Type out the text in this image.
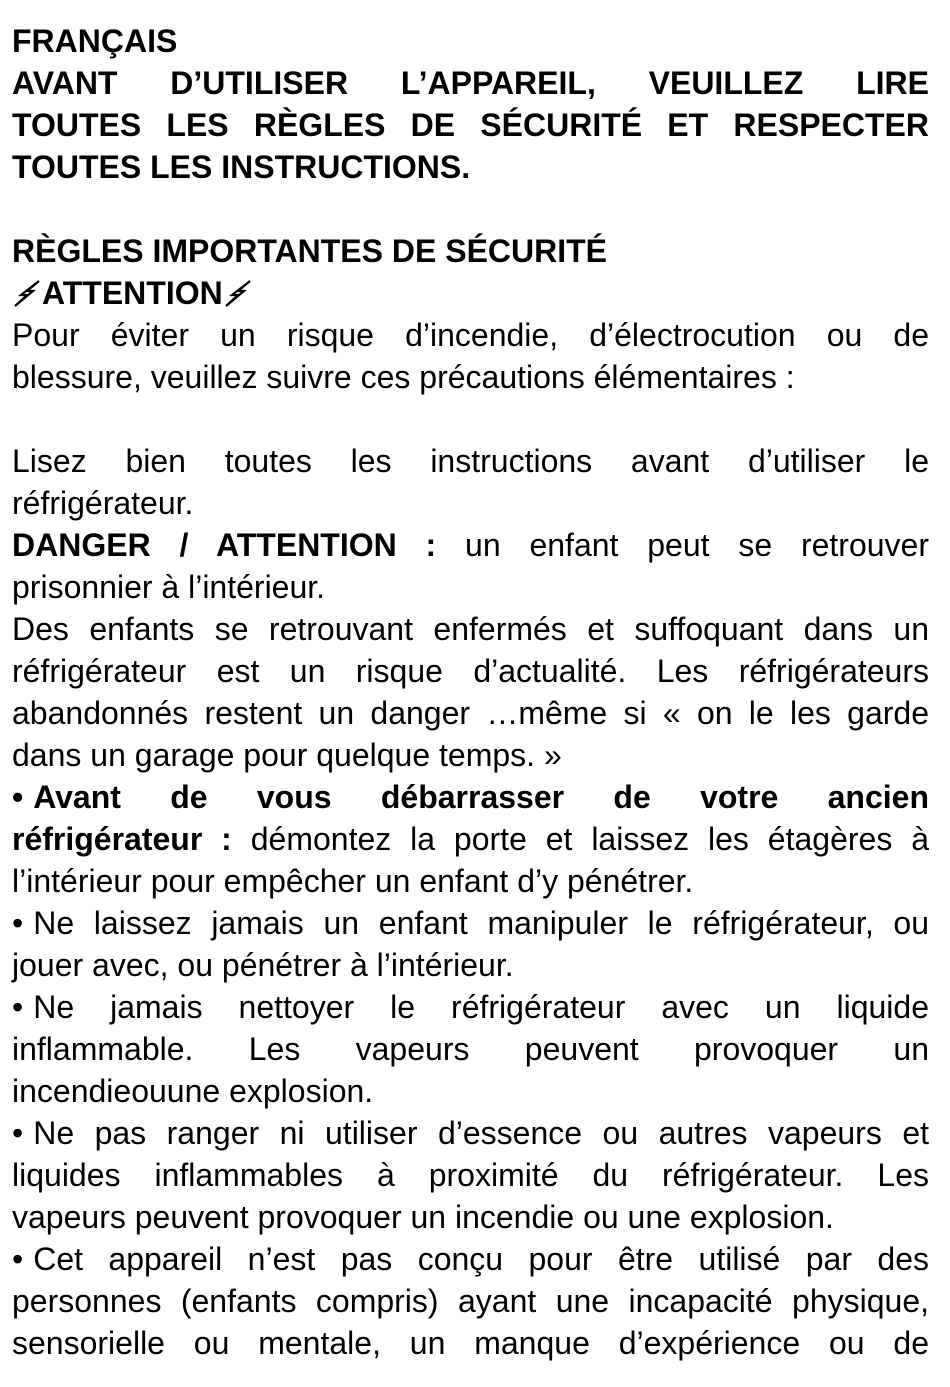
FRANÇAIS
AVANT D’UTILISER L’APPAREIL, VEUILLEZ LIRE
TOUTES LES RÈGLES DE SÉCURITÉ ET RESPECTER
TOUTES LES INSTRUCTIONS.
RÈGLES IMPORTANTES DE SÉCURITÉ
ATTENTION
Pour éviter un risque d’incendie, d’électrocution ou de
blessure, veuillez suivre ces précautions élémentaires :
Lisez bien toutes les instructions avant d’utiliser le
réfrigérateur.
DANGER / ATTENTION : un enfant peut se retrouver
prisonnier à l’intérieur.
Des enfants se retrouvant enfermés et suffoquant dans un
réfrigérateur est un risque d’actualité. Les réfrigérateurs
abandonnés restent un danger …même si « on le les garde
dans un garage pour quelque temps. »
• Avant de vous débarrasser de votre ancien
réfrigérateur : démontez la porte et laissez les étagères à
l’intérieur pour empêcher un enfant d’y pénétrer.
• Ne laissez jamais un enfant manipuler le réfrigérateur, ou
jouer avec, ou pénétrer à l’intérieur.
• Ne jamais nettoyer le réfrigérateur avec un liquide
inflammable. Les vapeurs peuvent provoquer un
incendieouune explosion.
• Ne pas ranger ni utiliser d’essence ou autres vapeurs et
liquides inflammables à proximité du réfrigérateur. Les
vapeurs peuvent provoquer un incendie ou une explosion.
• Cet appareil n’est pas conçu pour être utilisé par des
personnes (enfants compris) ayant une incapacité physique,
sensorielle ou mentale, un manque d’expérience ou de
